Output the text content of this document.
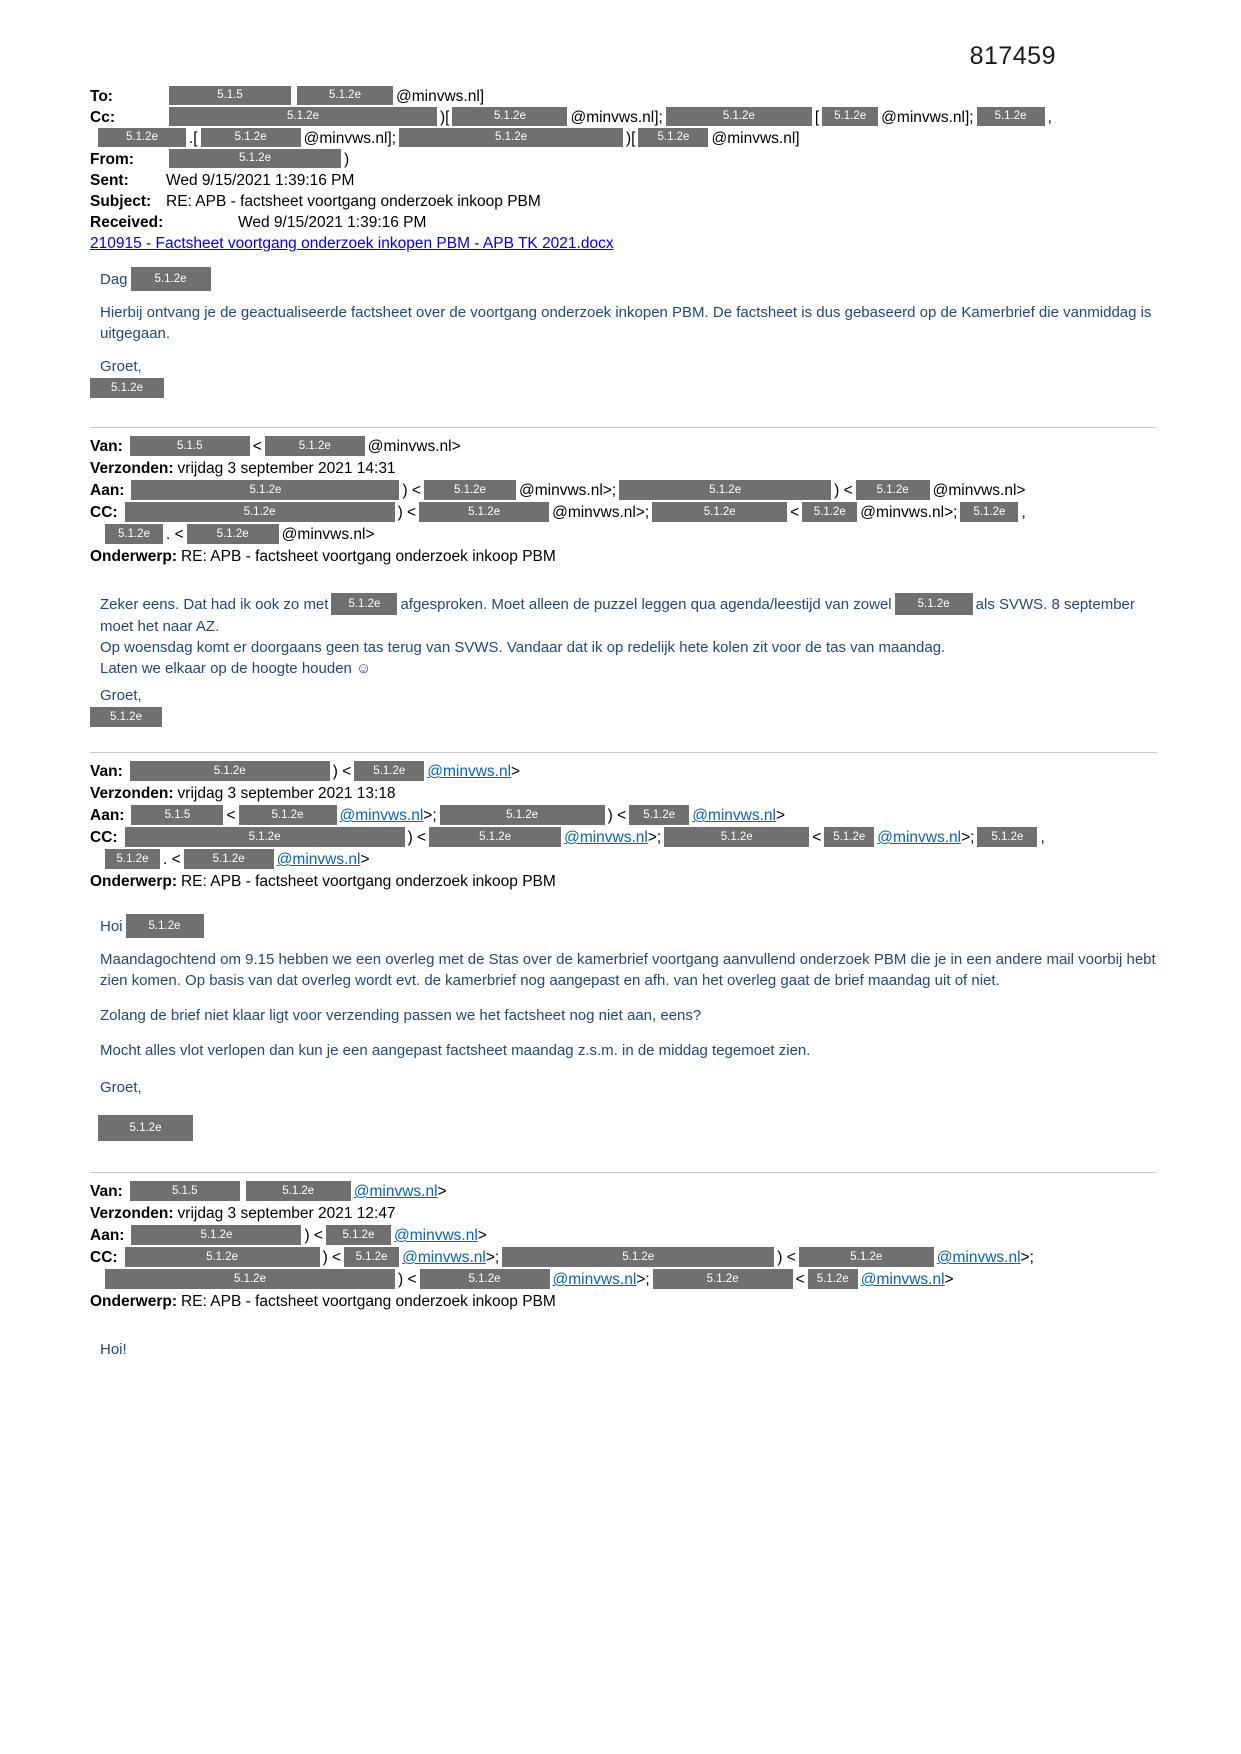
817459
To:	5.1.5	5.1.2e @minvws.nl]
Cc:	5.1.2e	)[	5.1.2e	@minvws.nl];	5.1.2e	[ 5.1.2e @minvws.nl]; 5.1.2e ,
5.1.2e .[	5.1.2e @minvws.nl];	5.1.2e	)[ 5.1.2e @minvws.nl]
From:	5.1.2e	)
Sent:	Wed 9/15/2021 1:39:16 PM
Subject: RE: APB - factsheet voortgang onderzoek inkoop PBM
Received:	Wed 9/15/2021 1:39:16 PM
210915 - Factsheet voortgang onderzoek inkopen PBM - APB TK 2021.docx
Dag 5.1.2e
Hierbij ontvang je de geactualiseerde factsheet over de voortgang onderzoek inkopen PBM. De factsheet is dus gebaseerd op de Kamerbrief die vanmiddag is uitgegaan.
Groet,
5.1.2e
Van:	5.1.5	<	5.1.2e @minvws.nl>
Verzonden: vrijdag 3 september 2021 14:31
Aan:	5.1.2e	) <	5.1.2e @minvws.nl>;	5.1.2e	) < 5.1.2e @minvws.nl>
CC:	5.1.2e	) <	5.1.2e	@minvws.nl>;	5.1.2e	< 5.1.2e @minvws.nl>; 5.1.2e ,
5.1.2e . <	5.1.2e @minvws.nl>
Onderwerp: RE: APB - factsheet voortgang onderzoek inkoop PBM
Zeker eens. Dat had ik ook zo met 5.1.2e afgesproken. Moet alleen de puzzel leggen qua agenda/leestijd van zowel 5.1.2e als SVWS. 8 september moet het naar AZ.
Op woensdag komt er doorgaans geen tas terug van SVWS. Vandaar dat ik op redelijk hete kolen zit voor de tas van maandag.
Laten we elkaar op de hoogte houden ☺
Groet,
5.1.2e
Van:	5.1.2e	) < 5.1.2e @minvws.nl>
Verzonden: vrijdag 3 september 2021 13:18
Aan:	5.1.5 <	5.1.2e @minvws.nl>;	5.1.2e	) < 5.1.2e @minvws.nl>
CC:	5.1.2e	) <	5.1.2e	@minvws.nl>;	5.1.2e	< 5.1.2e @minvws.nl>; 5.1.2e ,
5.1.2e . <	5.1.2e @minvws.nl>
Onderwerp: RE: APB - factsheet voortgang onderzoek inkoop PBM
Hoi 5.1.2e
Maandagochtend om 9.15 hebben we een overleg met de Stas over de kamerbrief voortgang aanvullend onderzoek PBM die je in een andere mail voorbij hebt zien komen. Op basis van dat overleg wordt evt. de kamerbrief nog aangepast en afh. van het overleg gaat de brief maandag uit of niet.
Zolang de brief niet klaar ligt voor verzending passen we het factsheet nog niet aan, eens?
Mocht alles vlot verlopen dan kun je een aangepast factsheet maandag z.s.m. in de middag tegemoet zien.
Groet,
5.1.2e
Van:	5.1.5	5.1.2e	@minvws.nl>
Verzonden: vrijdag 3 september 2021 12:47
Aan:	5.1.2e	) < 5.1.2e @minvws.nl>
CC:	5.1.2e	) < 5.1.2e @minvws.nl>;	5.1.2e	) <	5.1.2e	@minvws.nl>;
5.1.2e	) <	5.1.2e	@minvws.nl>;	5.1.2e	< 5.1.2e @minvws.nl>
Onderwerp: RE: APB - factsheet voortgang onderzoek inkoop PBM
Hoi!
